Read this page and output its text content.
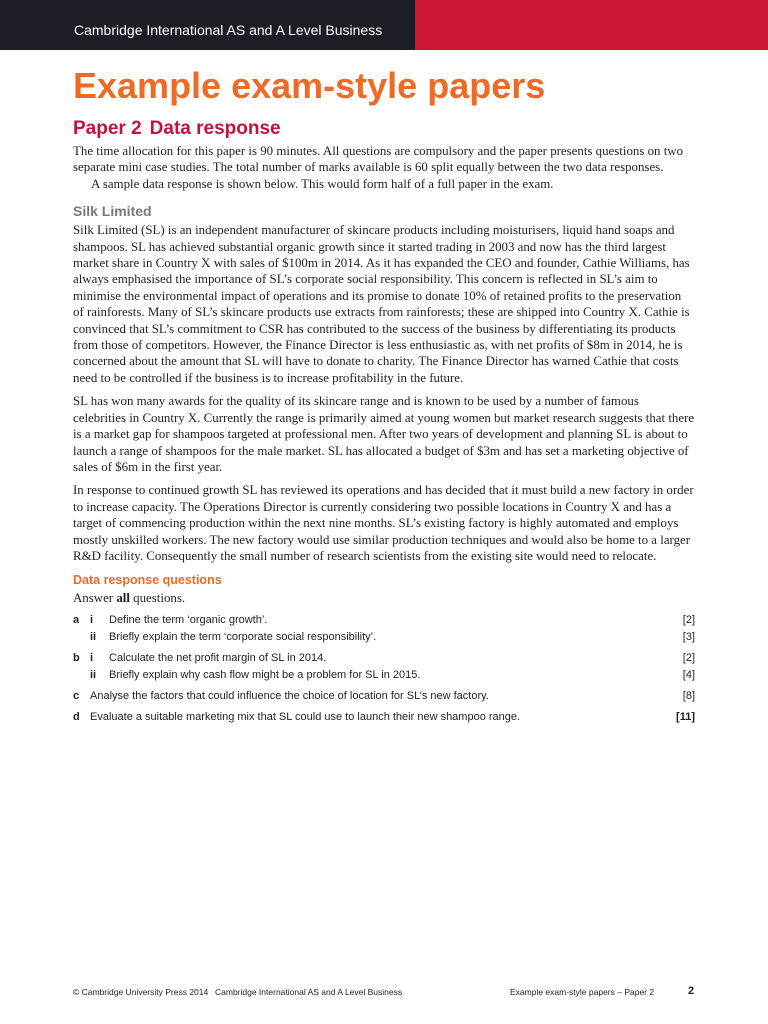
Cambridge International AS and A Level Business
Example exam-style papers
Paper 2 Data response

The time allocation for this paper is 90 minutes. All questions are compulsory and the paper presents questions on two separate mini case studies. The total number of marks available is 60 split equally between the two data responses.

A sample data response is shown below. This would form half of a full paper in the exam.

Silk Limited

Silk Limited (SL) is an independent manufacturer of skincare products including moisturisers, liquid hand soaps and shampoos. SL has achieved substantial organic growth since it started trading in 2003 and now has the third largest market share in Country X with sales of $100m in 2014. As it has expanded the CEO and founder, Cathie Williams, has always emphasised the importance of SL’s corporate social responsibility. This concern is reflected in SL’s aim to minimise the environmental impact of operations and its promise to donate 10% of retained profits to the preservation of rainforests. Many of SL’s skincare products use extracts from rainforests; these are shipped into Country X. Cathie is convinced that SL’s commitment to CSR has contributed to the success of the business by differentiating its products from those of competitors. However, the Finance Director is less enthusiastic as, with net profits of $8m in 2014, he is concerned about the amount that SL will have to donate to charity. The Finance Director has warned Cathie that costs need to be controlled if the business is to increase profitability in the future.

SL has won many awards for the quality of its skincare range and is known to be used by a number of famous celebrities in Country X. Currently the range is primarily aimed at young women but market research suggests that there is a market gap for shampoos targeted at professional men. After two years of development and planning SL is about to launch a range of shampoos for the male market. SL has allocated a budget of $3m and has set a marketing objective of sales of $6m in the first year.

In response to continued growth SL has reviewed its operations and has decided that it must build a new factory in order to increase capacity. The Operations Director is currently considering two possible locations in Country X and has a target of commencing production within the next nine months. SL’s existing factory is highly automated and employs mostly unskilled workers. The new factory would use similar production techniques and would also be home to a larger R&D facility. Consequently the small number of research scientists from the existing site would need to relocate.

Data response questions

Answer all questions.

a i Define the term ‘organic growth’.	[2]
ii Briefly explain the term ‘corporate social responsibility’.	[3]
b i Calculate the net profit margin of SL in 2014.	[2]
ii Briefly explain why cash flow might be a problem for SL in 2015.	[4]
c Analyse the factors that could influence the choice of location for SL’s new factory.	[8]
d Evaluate a suitable marketing mix that SL could use to launch their new shampoo range.	[11]
© Cambridge University Press 2014 Cambridge International AS and A Level Business	Example exam-style papers – Paper 2	2
